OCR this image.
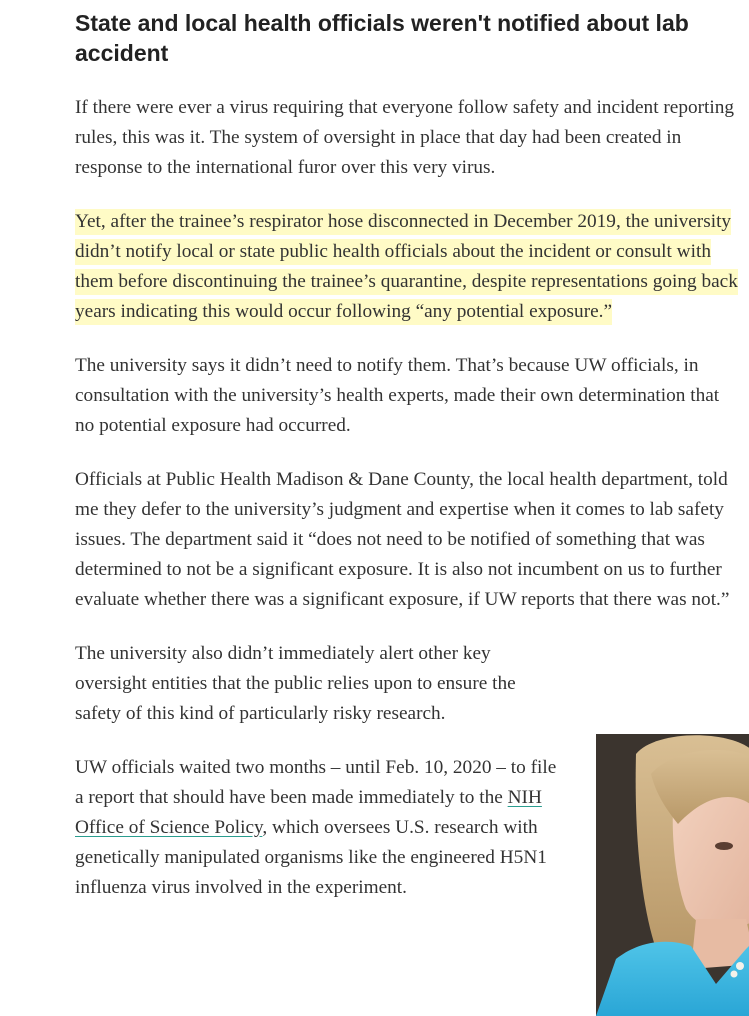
State and local health officials weren't notified about lab accident

If there were ever a virus requiring that everyone follow safety and incident reporting rules, this was it. The system of oversight in place that day had been created in response to the international furor over this very virus.

Yet, after the trainee’s respirator hose disconnected in December 2019, the university didn’t notify local or state public health officials about the incident or consult with them before discontinuing the trainee’s quarantine, despite representations going back years indicating this would occur following “any potential exposure.”

The university says it didn’t need to notify them. That’s because UW officials, in consultation with the university’s health experts, made their own determination that no potential exposure had occurred.

Officials at Public Health Madison & Dane County, the local health department, told me they defer to the university’s judgment and expertise when it comes to lab safety issues. The department said it “does not need to be notified of something that was determined to not be a significant exposure. It is also not incumbent on us to further evaluate whether there was a significant exposure, if UW reports that there was not.”

The university also didn’t immediately alert other key oversight entities that the public relies upon to ensure the safety of this kind of particularly risky research.

UW officials waited two months – until Feb. 10, 2020 – to file a report that should have been made immediately to the NIH Office of Science Policy, which oversees U.S. research with genetically manipulated organisms like the engineered H5N1 influenza virus involved in the experiment.
